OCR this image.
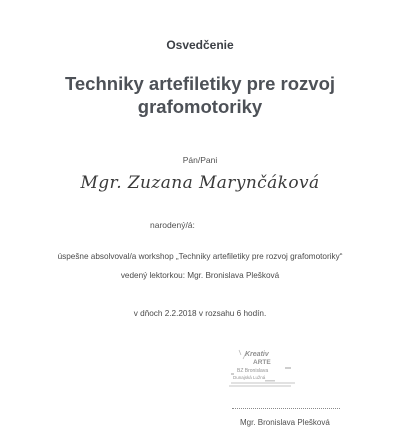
Osvedčenie
Techniky artefiletiky pre rozvoj
grafomotoriky
Pán/Pani
Mgr. Zuzana Marynčáková
narodený/á:
úspešne absolvoval/a workshop „Techniky artefiletiky pre rozvoj grafomotoriky“
vedený lektorkou: Mgr. Bronislava Plešková
v dňoch 2.2.2018 v rozsahu 6 hodín.
Kreativ
ARTE
BZ Bronislava
Dunajská Lužná
Mgr. Bronislava Plešková
